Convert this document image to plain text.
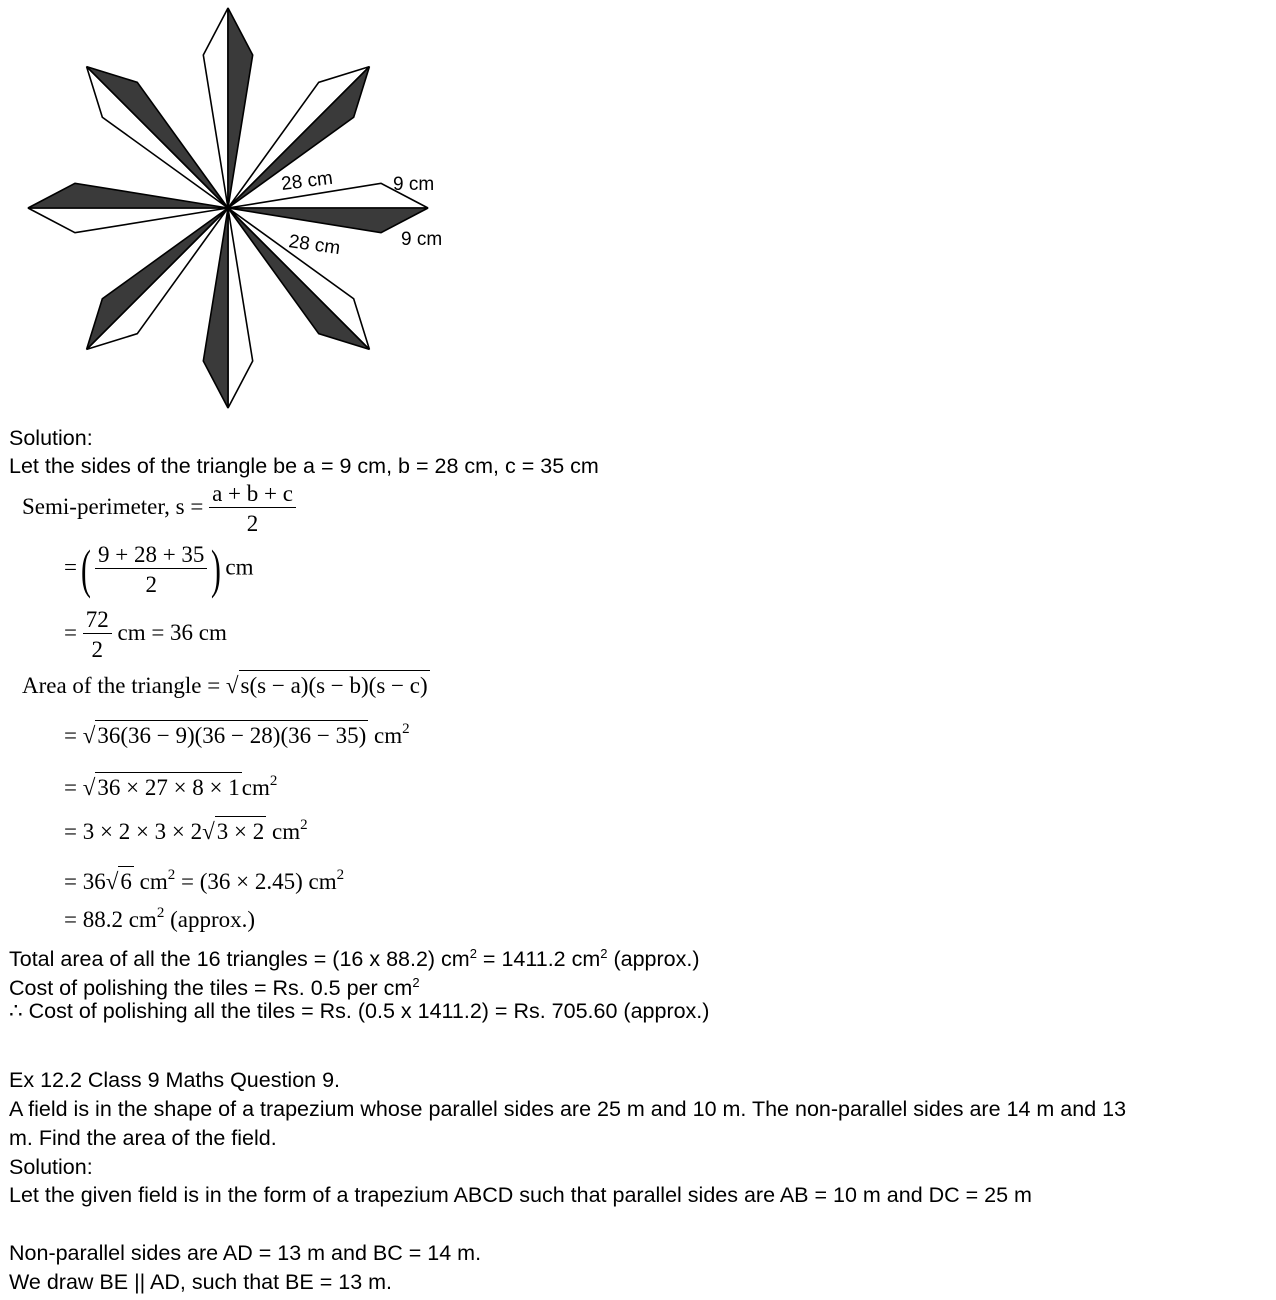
28 cm	9 cm
28 cm	9 cm
Solution:
Let the sides of the triangle be a = 9 cm, b = 28 cm, c = 35 cm
Semi-perimeter, $s = \frac{a + b + c}{2}$
=( $\frac{9 + 28 + 35}{2}$ ) cm
= $\frac{72}{2}$ cm = 36 cm
Area of the triangle = √s(s − a)(s − b)(s − c)
= √36(36 − 9)(36 − 28)(36 − 35) $cm^2$
= $√36 \times 27 \times 8 \times 1cm^2$
= 3 × 2 × 3 × 2√3 × 2 $cm^2$
= 36√6 $cm^2 = (36 \times 2.45)$ $cm^2$
= 88.2 $cm^2$ (approx.)
Total area of all the 16 triangles = (16 x 88.2) $cm^2 = 1411.2$ $cm^2$ (approx.)
Cost of polishing the tiles = Rs. 0.5 per $cm^2$
∴ Cost of polishing all the tiles = Rs. (0.5 x 1411.2) = Rs. 705.60 (approx.)
Ex 12.2 Class 9 Maths Question 9.
A field is in the shape of a trapezium whose parallel sides are 25 m and 10 m. The non-parallel sides are 14 m and 13 m. Find the area of the field.
Solution:
Let the given field is in the form of a trapezium ABCD such that parallel sides are AB = 10 m and DC = 25 m
Non-parallel sides are AD = 13 m and BC = 14 m.
We draw BE || AD, such that BE = 13 m.
